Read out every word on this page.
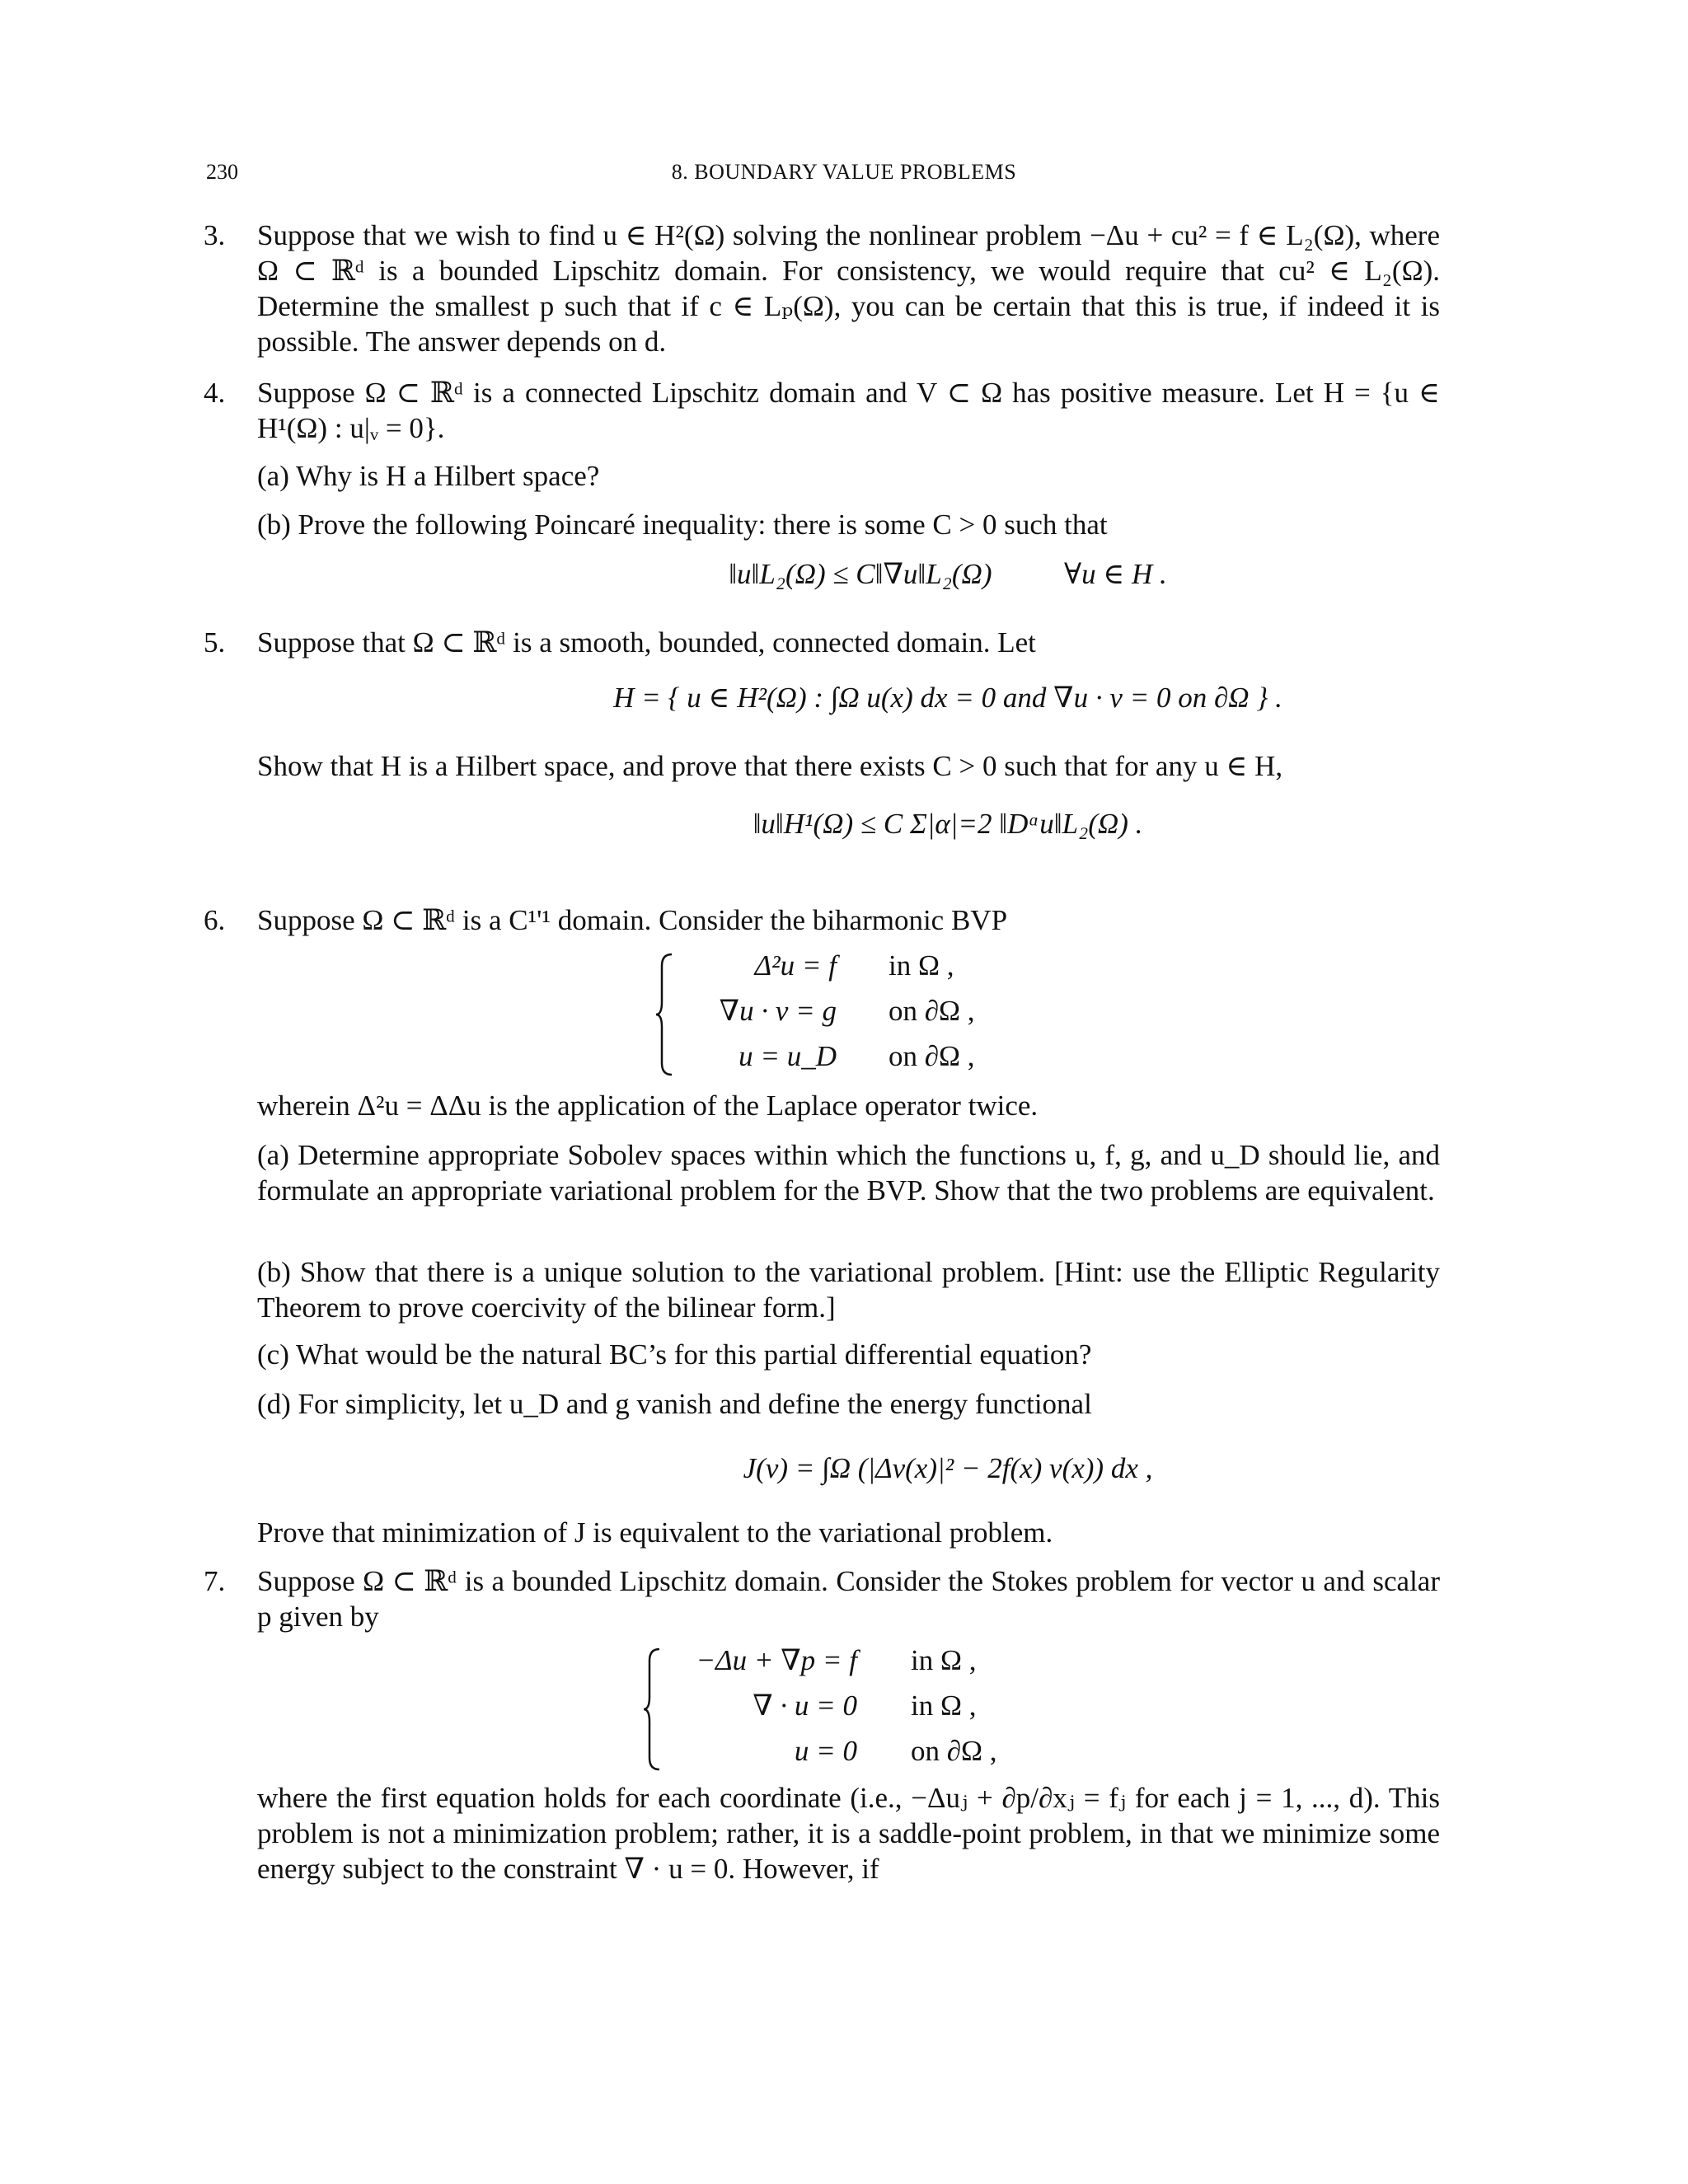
230	8. BOUNDARY VALUE PROBLEMS
3. Suppose that we wish to find u ∈ H²(Ω) solving the nonlinear problem −Δu + cu² = f ∈ L₂(Ω), where Ω ⊂ ℝᵈ is a bounded Lipschitz domain. For consistency, we would require that cu² ∈ L₂(Ω). Determine the smallest p such that if c ∈ Lₚ(Ω), you can be certain that this is true, if indeed it is possible. The answer depends on d.
4. Suppose Ω ⊂ ℝᵈ is a connected Lipschitz domain and V ⊂ Ω has positive measure. Let H = {u ∈ H¹(Ω) : u|ᵥ = 0}.
(a) Why is H a Hilbert space?
(b) Prove the following Poincaré inequality: there is some C > 0 such that
‖u‖L₂(Ω) ≤ C‖∇u‖L₂(Ω)          ∀u ∈ H .
5. Suppose that Ω ⊂ ℝᵈ is a smooth, bounded, connected domain. Let
H = { u ∈ H²(Ω) : ∫Ω u(x) dx = 0 and ∇u · ν = 0 on ∂Ω } .
Show that H is a Hilbert space, and prove that there exists C > 0 such that for any u ∈ H,
‖u‖H¹(Ω) ≤ C Σ|α|=2 ‖Dᵅu‖L₂(Ω) .
6. Suppose Ω ⊂ ℝᵈ is a C¹'¹ domain. Consider the biharmonic BVP
Δ²u = f in Ω ,
∇u · ν = g on ∂Ω ,
u = u_D on ∂Ω ,
wherein Δ²u = ΔΔu is the application of the Laplace operator twice.
(a) Determine appropriate Sobolev spaces within which the functions u, f, g, and u_D should lie, and formulate an appropriate variational problem for the BVP. Show that the two problems are equivalent.
(b) Show that there is a unique solution to the variational problem. [Hint: use the Elliptic Regularity Theorem to prove coercivity of the bilinear form.]
(c) What would be the natural BC’s for this partial differential equation?
(d) For simplicity, let u_D and g vanish and define the energy functional
J(v) = ∫Ω (|Δv(x)|² − 2f(x) v(x)) dx ,
Prove that minimization of J is equivalent to the variational problem.
7. Suppose Ω ⊂ ℝᵈ is a bounded Lipschitz domain. Consider the Stokes problem for vector u and scalar p given by
−Δu + ∇p = f in Ω ,
∇ · u = 0 in Ω ,
u = 0 on ∂Ω ,
where the first equation holds for each coordinate (i.e., −Δuⱼ + ∂p/∂xⱼ = fⱼ for each j = 1, ..., d). This problem is not a minimization problem; rather, it is a saddle-point problem, in that we minimize some energy subject to the constraint ∇ · u = 0. However, if
